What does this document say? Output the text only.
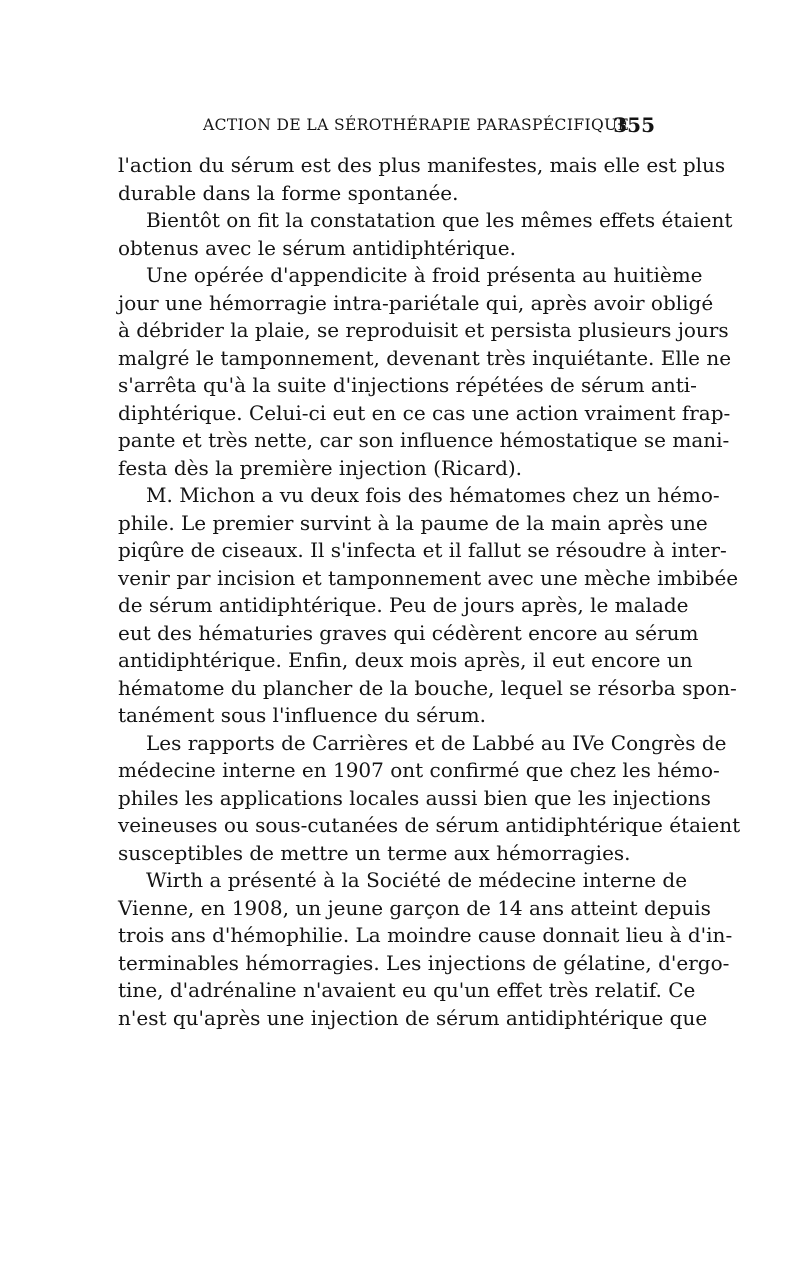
ACTION DE LA SÉROTHÉRAPIE PARASPÉCIFIQUE
355
l'action du sérum est des plus manifestes, mais elle est plus
durable dans la forme spontanée.
Bientôt on fit la constatation que les mêmes effets étaient
obtenus avec le sérum antidiphtérique.
Une opérée d'appendicite à froid présenta au huitième
jour une hémorragie intra-pariétale qui, après avoir obligé
à débrider la plaie, se reproduisit et persista plusieurs jours
malgré le tamponnement, devenant très inquiétante. Elle ne
s'arrêta qu'à la suite d'injections répétées de sérum anti-
diphtérique. Celui-ci eut en ce cas une action vraiment frap-
pante et très nette, car son influence hémostatique se mani-
festa dès la première injection (Ricard).
M. Michon a vu deux fois des hématomes chez un hémo-
phile. Le premier survint à la paume de la main après une
piqûre de ciseaux. Il s'infecta et il fallut se résoudre à inter-
venir par incision et tamponnement avec une mèche imbibée
de sérum antidiphtérique. Peu de jours après, le malade
eut des hématuries graves qui cédèrent encore au sérum
antidiphtérique. Enfin, deux mois après, il eut encore un
hématome du plancher de la bouche, lequel se résorba spon-
tanément sous l'influence du sérum.
Les rapports de Carrières et de Labbé au IVe Congrès de
médecine interne en 1907 ont confirmé que chez les hémo-
philes les applications locales aussi bien que les injections
veineuses ou sous-cutanées de sérum antidiphtérique étaient
susceptibles de mettre un terme aux hémorragies.
Wirth a présenté à la Société de médecine interne de
Vienne, en 1908, un jeune garçon de 14 ans atteint depuis
trois ans d'hémophilie. La moindre cause donnait lieu à d'in-
terminables hémorragies. Les injections de gélatine, d'ergo-
tine, d'adrénaline n'avaient eu qu'un effet très relatif. Ce
n'est qu'après une injection de sérum antidiphtérique que
